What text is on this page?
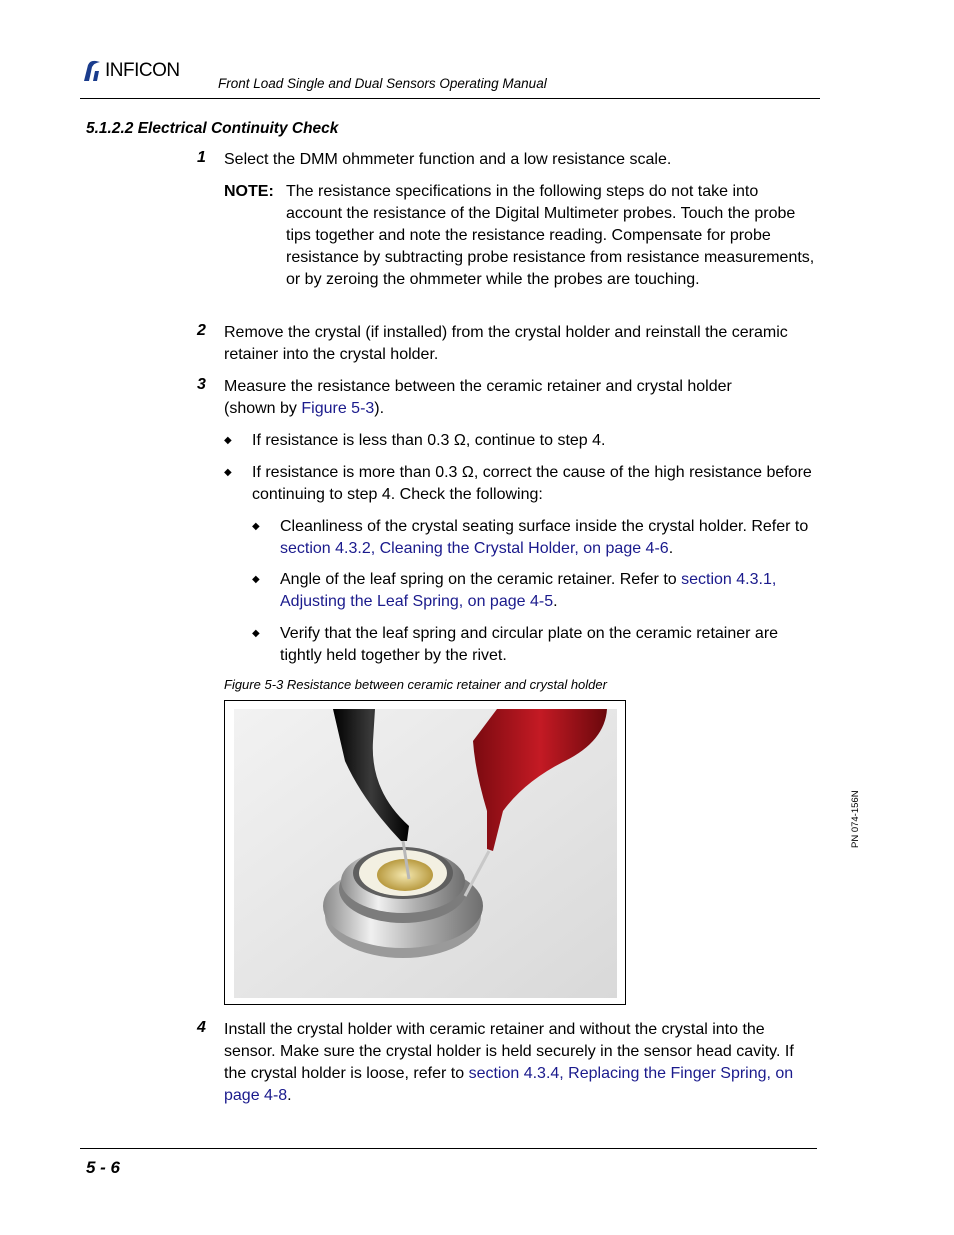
INFICON
Front Load Single and Dual Sensors Operating Manual
5.1.2.2 Electrical Continuity Check
1 Select the DMM ohmmeter function and a low resistance scale.
NOTE: The resistance specifications in the following steps do not take into account the resistance of the Digital Multimeter probes. Touch the probe tips together and note the resistance reading. Compensate for probe resistance by subtracting probe resistance from resistance measurements, or by zeroing the ohmmeter while the probes are touching.
2 Remove the crystal (if installed) from the crystal holder and reinstall the ceramic retainer into the crystal holder.
3 Measure the resistance between the ceramic retainer and crystal holder (shown by Figure 5-3).
◆ If resistance is less than 0.3 Ω, continue to step 4.
◆ If resistance is more than 0.3 Ω, correct the cause of the high resistance before continuing to step 4. Check the following:
◆ Cleanliness of the crystal seating surface inside the crystal holder. Refer to section 4.3.2, Cleaning the Crystal Holder, on page 4-6.
◆ Angle of the leaf spring on the ceramic retainer. Refer to section 4.3.1, Adjusting the Leaf Spring, on page 4-5.
◆ Verify that the leaf spring and circular plate on the ceramic retainer are tightly held together by the rivet.
Figure 5-3 Resistance between ceramic retainer and crystal holder
4 Install the crystal holder with ceramic retainer and without the crystal into the sensor. Make sure the crystal holder is held securely in the sensor head cavity. If the crystal holder is loose, refer to section 4.3.4, Replacing the Finger Spring, on page 4-8.
PN 074-156N
5 - 6
